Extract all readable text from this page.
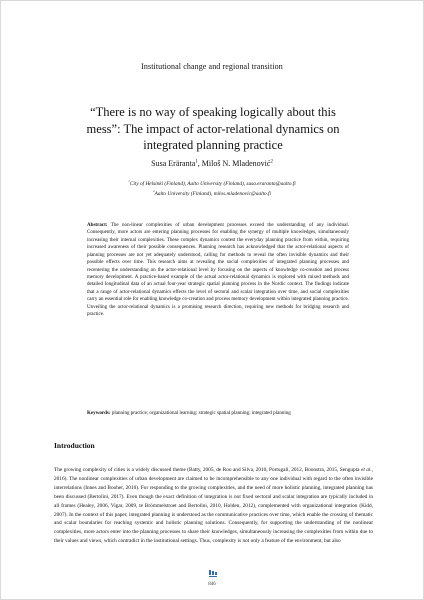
Institutional change and regional transition
“There is no way of speaking logically about this
mess”: The impact of actor-relational dynamics on
integrated planning practice
Susa Eräranta$^1$, Miloš N. Mladenović$^2$
$^1$City of Helsinki (Finland), Aalto University (Finland), susa.eraranta@aalto.fi
$^2$Aalto University (Finland), milos.mladenovic@aalto.fi

Abstract: The non-linear complexities of urban development processes exceed the understanding of any individual. Consequently, more actors are entering planning processes for enabling the synergy of multiple knowledges, simultaneously increasing their internal complexities. These complex dynamics contest the everyday planning practice from within, requiring increased awareness of their possible consequences. Planning research has acknowledged that the actor-relational aspects of planning processes are not yet adequately understood, calling for methods to reveal the often invisible dynamics and their possible effects over time. This research aims at revealing the social complexities of integrated planning processes and recentering the understanding on the actor-relational level by focusing on the aspects of knowledge co-creation and process memory development. A practice-based example of the actual actor-relational dynamics is explored with mixed methods and detailed longitudinal data of an actual four-year strategic spatial planning process in the Nordic context. The findings indicate that a range of actor-relational dynamics effects the level of sectoral and scalar integration over time, and social complexities carry an essential role for enabling knowledge co-creation and process memory development within integrated planning practice. Unveiling the actor-relational dynamics is a promising research direction, requiring new methods for bridging research and practice.

Keywords: planning practice; organizational learning; strategic spatial planning; integrated planning

Introduction

The growing complexity of cities is a widely discussed theme (Batty, 2005, de Roo and Silva, 2010, Portugali, 2012, Boonstra, 2015, Sengupta et al., 2016). The nonlinear complexities of urban development are claimed to be incomprehensible to any one individual with regard to the often invisible interrelations (Innes and Booher, 2010). For responding to the growing complexities, and the need of more holistic planning, integrated planning has been discussed (Bertolini, 2017). Even though the exact definition of integration is not fixed sectoral and scalar integration are typically included in all frames (Healey, 2006, Vigar, 2009, te Brömmelstroet and Bertolini, 2010, Holden, 2012), complemented with organizational integration (Kidd, 2007). In the context of this paper, integrated planning is understood as the communicative practices over time, which enable the crossing of thematic and scalar boundaries for reaching systemic and holistic planning solutions. Consequently, for supporting the understanding of the nonlinear complexities, more actors enter into the planning processes to share their knowledges, simultaneously increasing the complexities from within due to their values and views, which contradict in the institutional settings. Thus, complexity is not only a feature of the environment, but also

846
